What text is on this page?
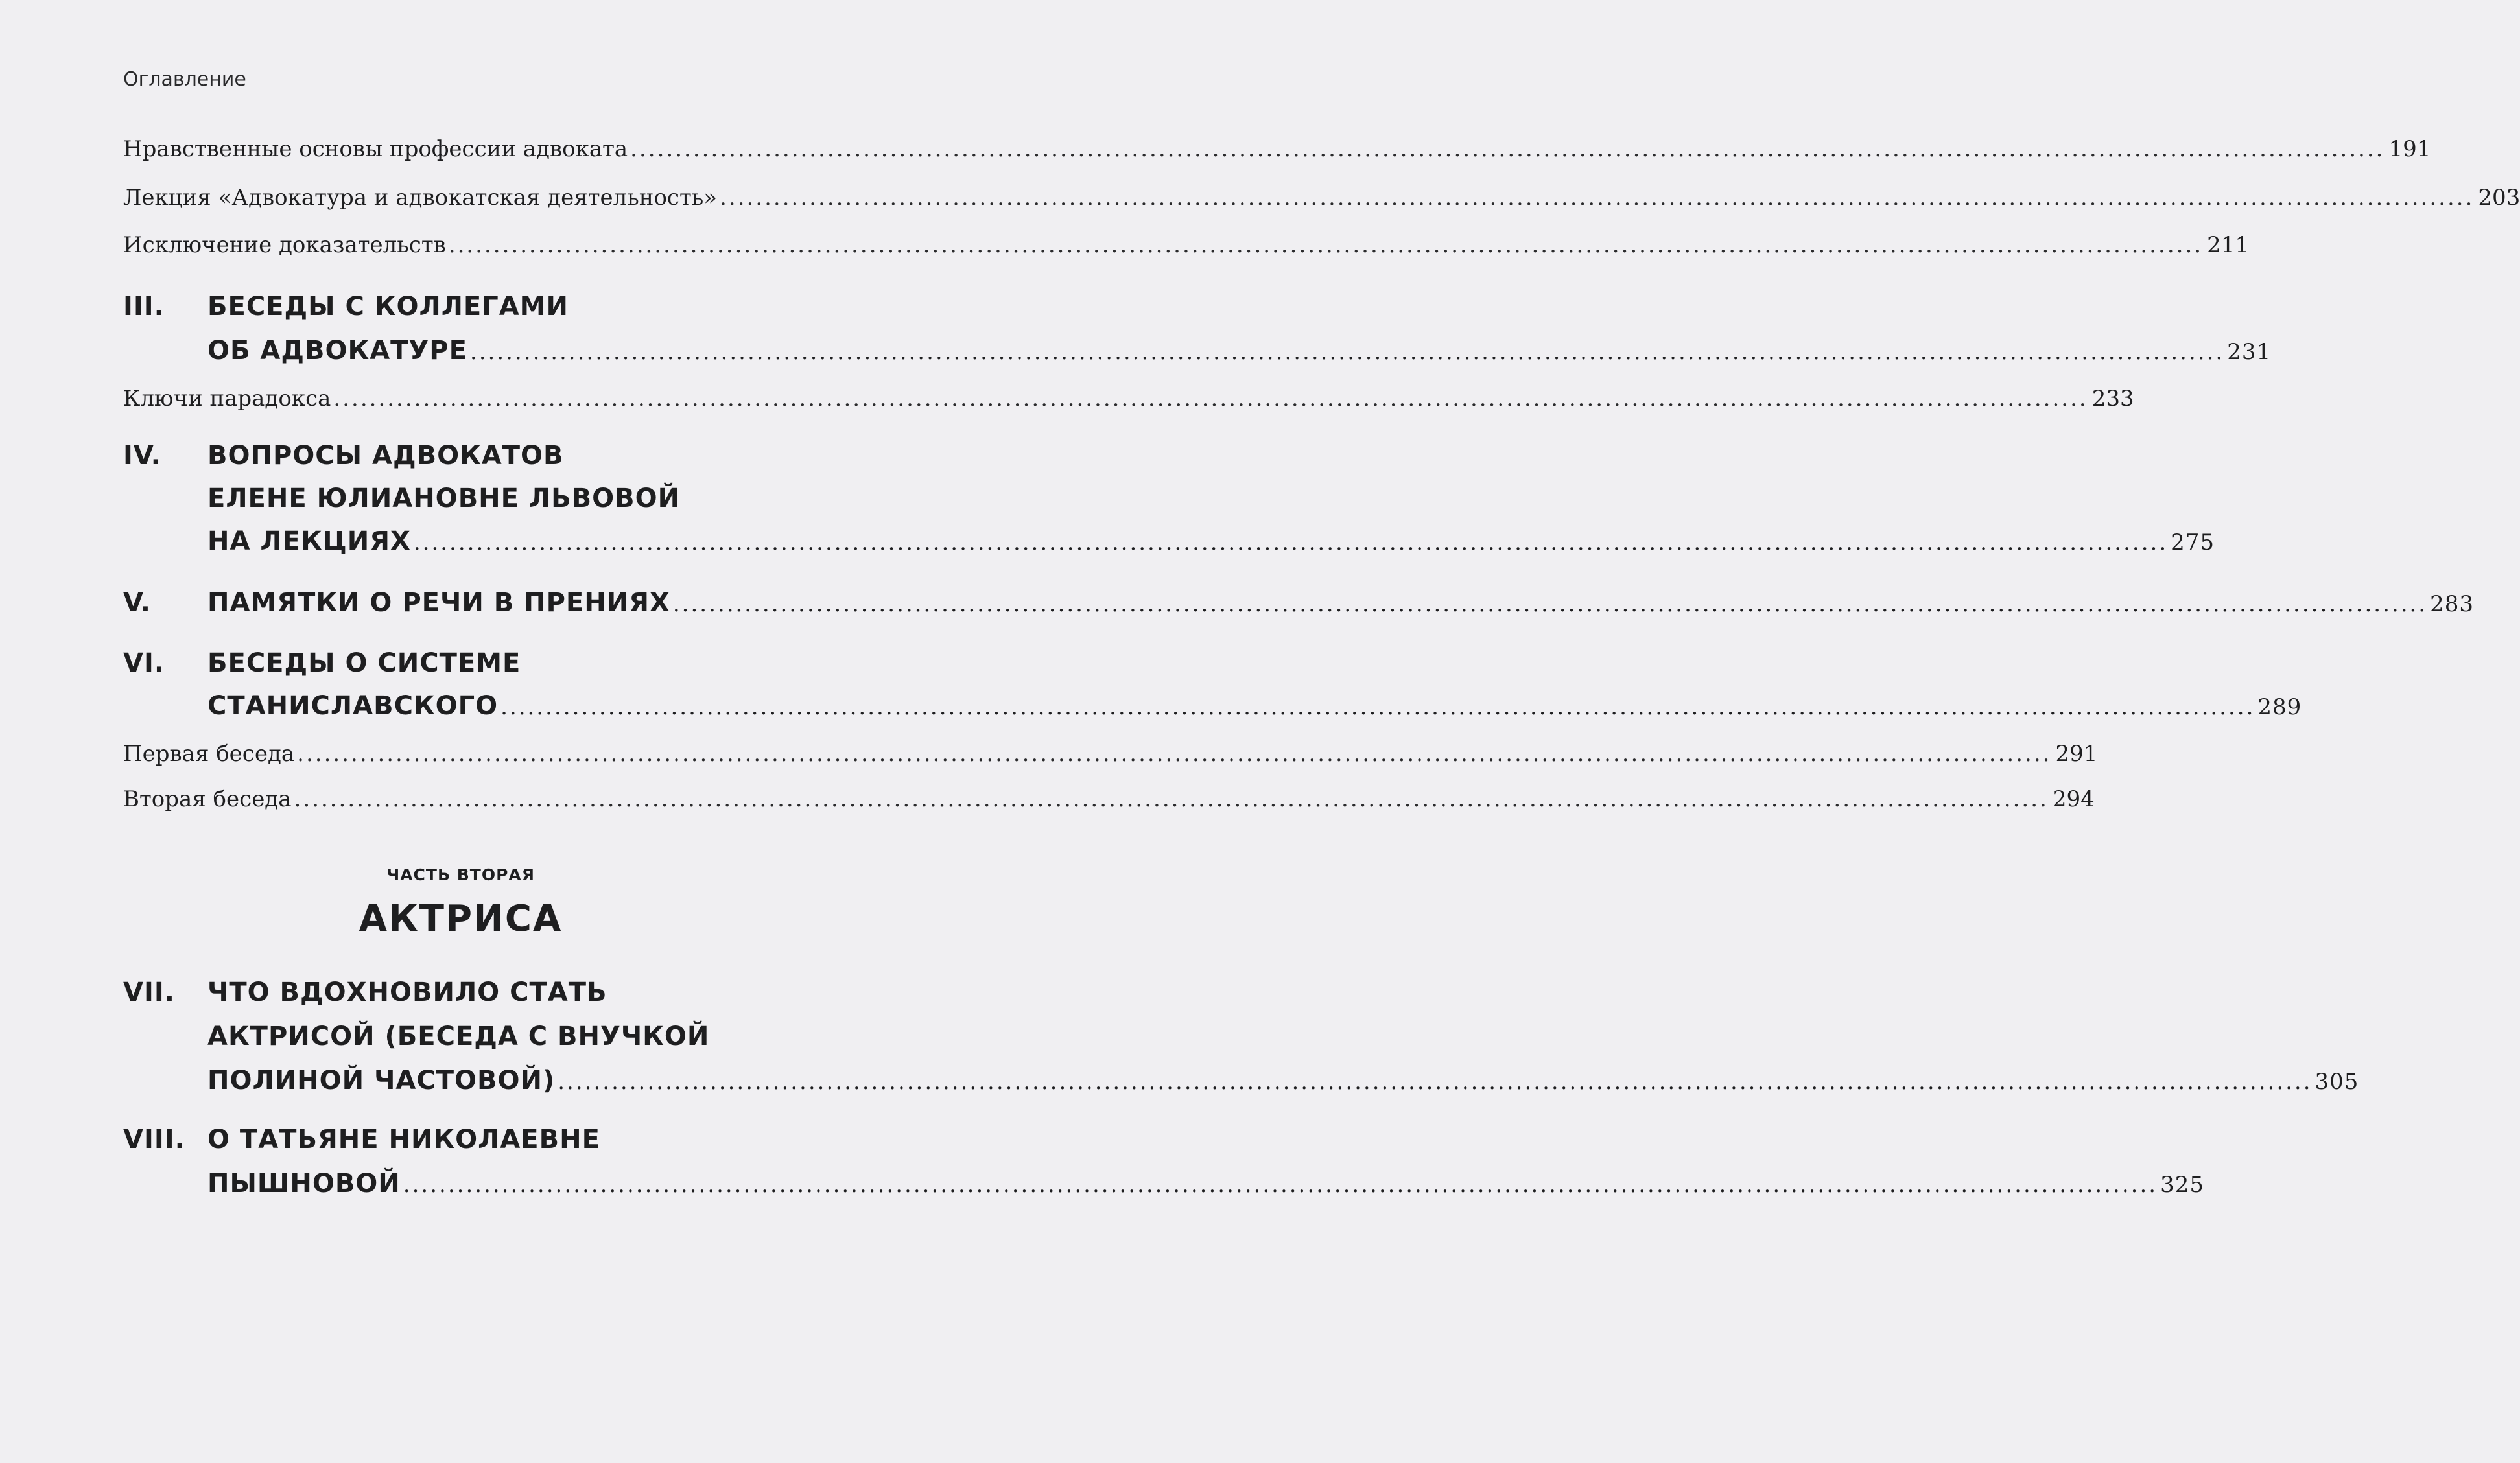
Оглавление
Нравственные основы профессии адвоката .................................................................................................................................................................................................... 191
Лекция «Адвокатура и адвокатская деятельность» .................................................................................................................................................................................................... 203
Исключение доказательств .................................................................................................................................................................................................... 211
III. БЕСЕДЫ С КОЛЛЕГАМИ
ОБ АДВОКАТУРЕ .................................................................................................................................................................................................... 231
Ключи парадокса .................................................................................................................................................................................................... 233
IV. ВОПРОСЫ АДВОКАТОВ
ЕЛЕНЕ ЮЛИАНОВНЕ ЛЬВОВОЙ
НА ЛЕКЦИЯХ .................................................................................................................................................................................................... 275
V. ПАМЯТКИ О РЕЧИ В ПРЕНИЯХ .................................................................................................................................................................................................... 283
VI. БЕСЕДЫ О СИСТЕМЕ
СТАНИСЛАВСКОГО .................................................................................................................................................................................................... 289
Первая беседа .................................................................................................................................................................................................... 291
Вторая беседа .................................................................................................................................................................................................... 294
ЧАСТЬ ВТОРАЯ
АКТРИСА
VII. ЧТО ВДОХНОВИЛО СТАТЬ
АКТРИСОЙ (БЕСЕДА С ВНУЧКОЙ
ПОЛИНОЙ ЧАСТОВОЙ) .................................................................................................................................................................................................... 305
VIII. О ТАТЬЯНЕ НИКОЛАЕВНЕ
ПЫШНОВОЙ .................................................................................................................................................................................................... 325
